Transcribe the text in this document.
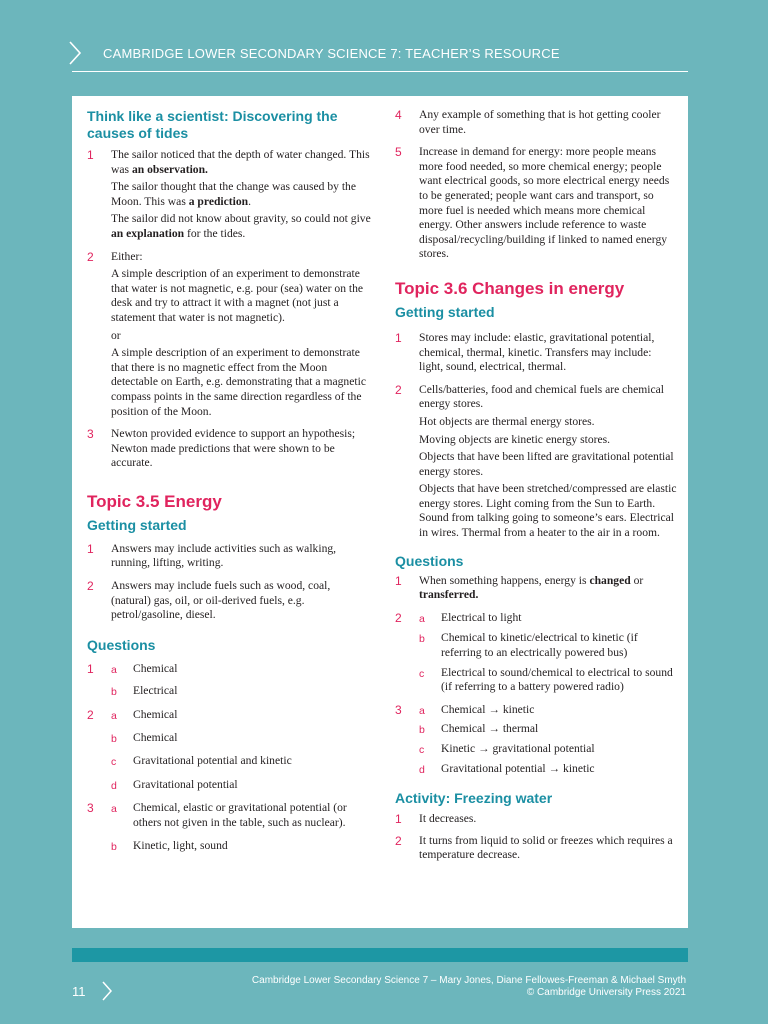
CAMBRIDGE LOWER SECONDARY SCIENCE 7: TEACHER’S RESOURCE
Think like a scientist: Discovering the causes of tides
1 The sailor noticed that the depth of water changed. This was an observation.

The sailor thought that the change was caused by the Moon. This was a prediction.

The sailor did not know about gravity, so could not give an explanation for the tides.

2 Either:

A simple description of an experiment to demonstrate that water is not magnetic, e.g. pour (sea) water on the desk and try to attract it with a magnet (not just a statement that water is not magnetic).

or

A simple description of an experiment to demonstrate that there is no magnetic effect from the Moon detectable on Earth, e.g. demonstrating that a magnetic compass points in the same direction regardless of the position of the Moon.

3 Newton provided evidence to support an hypothesis; Newton made predictions that were shown to be accurate.

Topic 3.5 Energy
Getting started
1 Answers may include activities such as walking, running, lifting, writing.

2 Answers may include fuels such as wood, coal, (natural) gas, oil, or oil-derived fuels, e.g. petrol/gasoline, diesel.

Questions
1 a Chemical

b Electrical

2 a Chemical

b Chemical

c Gravitational potential and kinetic

d Gravitational potential

3 a Chemical, elastic or gravitational potential (or others not given in the table, such as nuclear).

b Kinetic, light, sound

4 Any example of something that is hot getting cooler over time.

5 Increase in demand for energy: more people means more food needed, so more chemical energy; people want electrical goods, so more electrical energy needs to be generated; people want cars and transport, so more fuel is needed which means more chemical energy. Other answers include reference to waste disposal/recycling/building if linked to named energy stores.

Topic 3.6 Changes in energy
Getting started
1 Stores may include: elastic, gravitational potential, chemical, thermal, kinetic. Transfers may include: light, sound, electrical, thermal.

2 Cells/batteries, food and chemical fuels are chemical energy stores.

Hot objects are thermal energy stores.

Moving objects are kinetic energy stores.

Objects that have been lifted are gravitational potential energy stores.

Objects that have been stretched/compressed are elastic energy stores. Light coming from the Sun to Earth. Sound from talking going to someone’s ears. Electrical in wires. Thermal from a heater to the air in a room.

Questions
1 When something happens, energy is changed or transferred.

2 a Electrical to light

b Chemical to kinetic/electrical to kinetic (if referring to an electrically powered bus)

c Electrical to sound/chemical to electrical to sound (if referring to a battery powered radio)

3 a Chemical → kinetic

b Chemical → thermal

c Kinetic → gravitational potential

d Gravitational potential → kinetic

Activity: Freezing water
1 It decreases.

2 It turns from liquid to solid or freezes which requires a temperature decrease.

11
Cambridge Lower Secondary Science 7 – Mary Jones, Diane Fellowes-Freeman & Michael Smyth
© Cambridge University Press 2021
